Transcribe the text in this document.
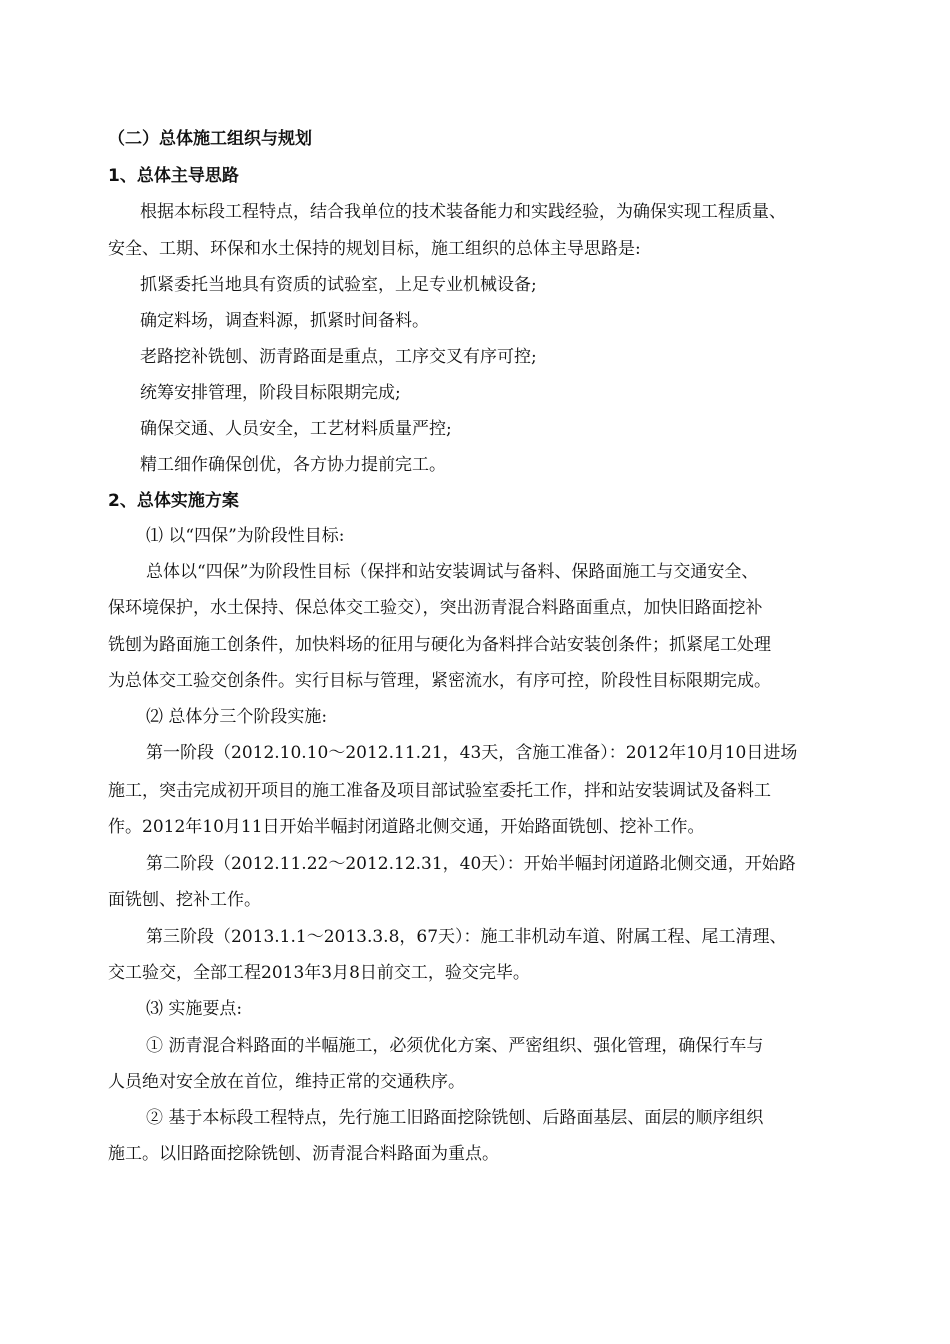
（二）总体施工组织与规划
1、总体主导思路
根据本标段工程特点，结合我单位的技术装备能力和实践经验，为确保实现工程质量、
安全、工期、环保和水土保持的规划目标，施工组织的总体主导思路是:
抓紧委托当地具有资质的试验室，上足专业机械设备;
确定料场，调查料源，抓紧时间备料。
老路挖补铣刨、沥青路面是重点，工序交叉有序可控;
统筹安排管理，阶段目标限期完成;
确保交通、人员安全，工艺材料质量严控;
精工细作确保创优，各方协力提前完工。
2、总体实施方案
⑴ 以“四保”为阶段性目标:
总体以“四保”为阶段性目标（保拌和站安装调试与备料、保路面施工与交通安全、
保环境保护，水土保持、保总体交工验交），突出沥青混合料路面重点，加快旧路面挖补
铣刨为路面施工创条件，加快料场的征用与硬化为备料拌合站安装创条件；抓紧尾工处理
为总体交工验交创条件。实行目标与管理，紧密流水，有序可控，阶段性目标限期完成。
⑵ 总体分三个阶段实施:
第一阶段（2012.10.10～2012.11.21，43天，含施工准备）：2012年10月10日进场
施工，突击完成初开项目的施工准备及项目部试验室委托工作，拌和站安装调试及备料工
作。2012年10月11日开始半幅封闭道路北侧交通，开始路面铣刨、挖补工作。
第二阶段（2012.11.22～2012.12.31，40天）：开始半幅封闭道路北侧交通，开始路
面铣刨、挖补工作。
第三阶段（2013.1.1～2013.3.8，67天）：施工非机动车道、附属工程、尾工清理、
交工验交，全部工程2013年3月8日前交工，验交完毕。
⑶ 实施要点:
① 沥青混合料路面的半幅施工，必须优化方案、严密组织、强化管理，确保行车与
人员绝对安全放在首位，维持正常的交通秩序。
② 基于本标段工程特点，先行施工旧路面挖除铣刨、后路面基层、面层的顺序组织
施工。以旧路面挖除铣刨、沥青混合料路面为重点。
